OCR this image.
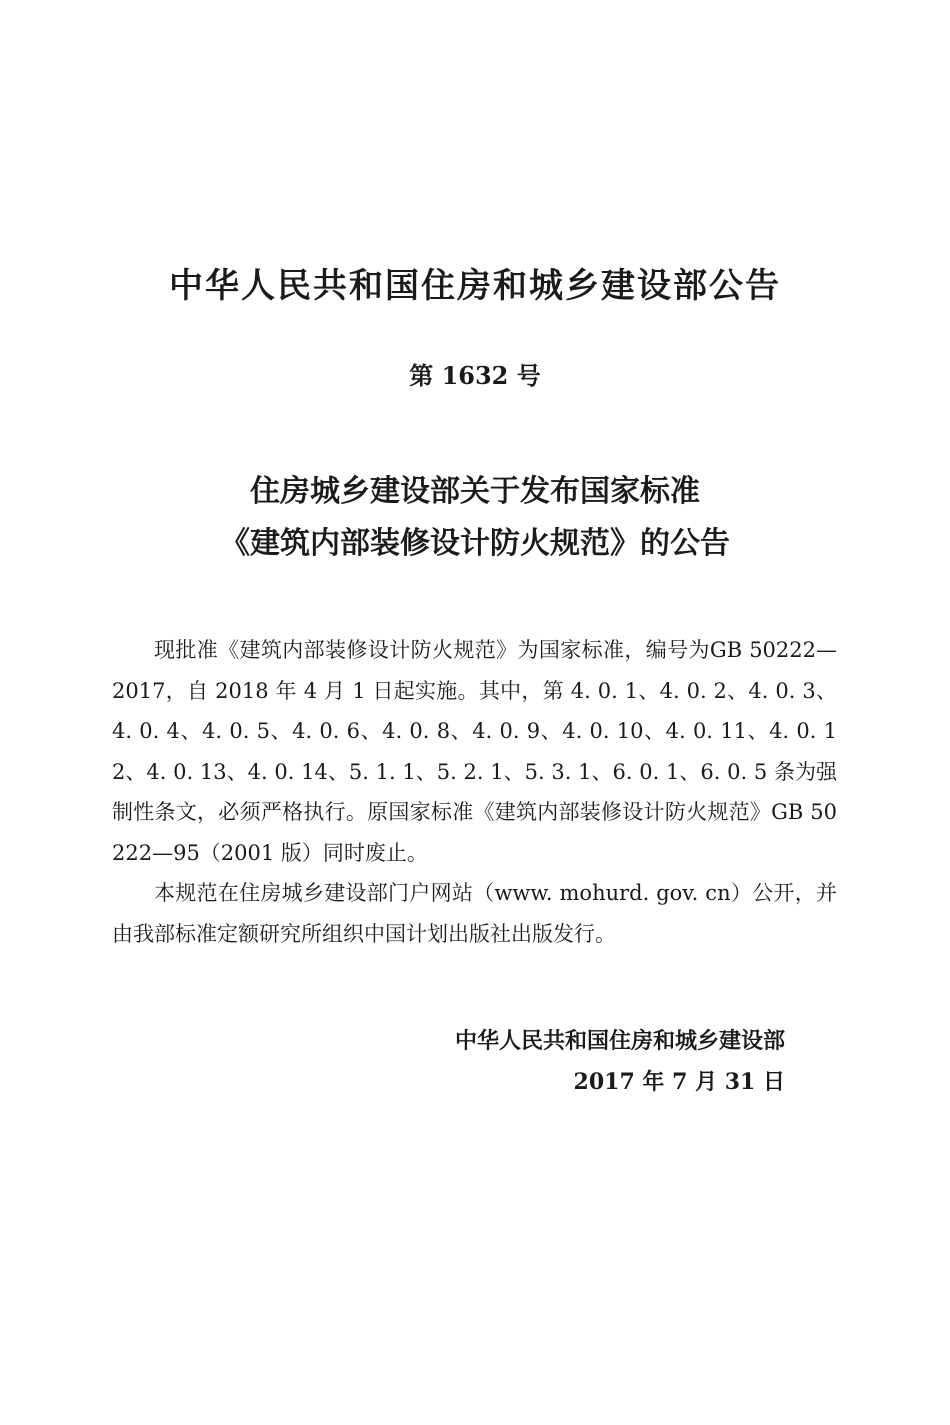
中华人民共和国住房和城乡建设部公告
第 1632 号
住房城乡建设部关于发布国家标准
《建筑内部装修设计防火规范》的公告

现批准《建筑内部装修设计防火规范》为国家标准，编号为GB 50222—2017，自 2018 年 4 月 1 日起实施。其中，第 4. 0. 1、4. 0. 2、4. 0. 3、4. 0. 4、4. 0. 5、4. 0. 6、4. 0. 8、4. 0. 9、4. 0. 10、4. 0. 11、4. 0. 12、4. 0. 13、4. 0. 14、5. 1. 1、5. 2. 1、5. 3. 1、6. 0. 1、6. 0. 5 条为强制性条文，必须严格执行。原国家标准《建筑内部装修设计防火规范》GB 50222—95（2001 版）同时废止。

本规范在住房城乡建设部门户网站（www. mohurd. gov. cn）公开，并由我部标准定额研究所组织中国计划出版社出版发行。

中华人民共和国住房和城乡建设部
2017 年 7 月 31 日
